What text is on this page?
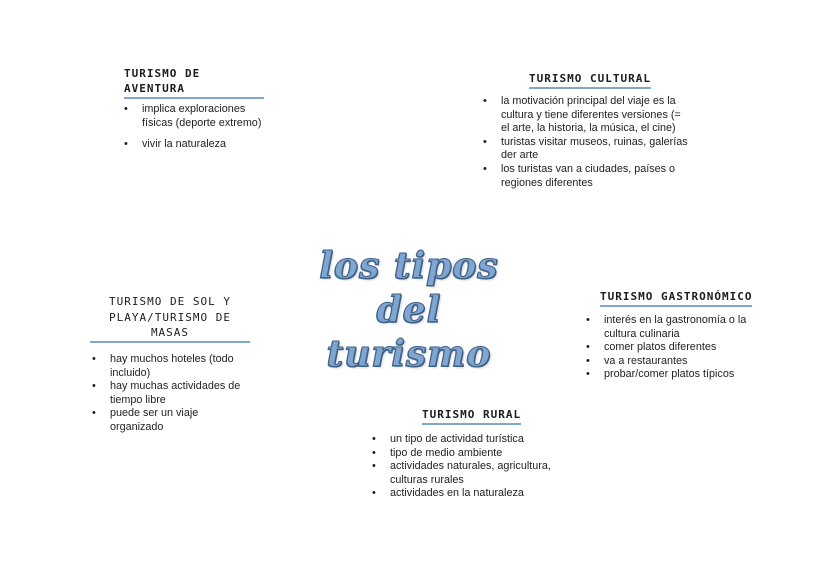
TURISMO DE AVENTURA
• implica exploraciones físicas (deporte extremo)
• vivir la naturaleza
TURISMO CULTURAL
• la motivación principal del viaje es la cultura y tiene diferentes versiones (= el arte, la historia, la música, el cine)
• turistas visitar museos, ruinas, galerías der arte
• los turistas van a ciudades, países o regiones diferentes
los tipos del
turismo
TURISMO DE SOL Y
PLAYA/TURISMO DE MASAS
• hay muchos hoteles (todo incluido)
• hay muchas actividades de tiempo libre
• puede ser un viaje organizado
TURISMO GASTRONÓMICO
• interés en la gastronomía o la cultura culinaria
• comer platos diferentes
• va a restaurantes
• probar/comer platos típicos
TURISMO RURAL
• un tipo de actividad turística
• tipo de medio ambiente
• actividades naturales, agricultura, culturas rurales
• actividades en la naturaleza
